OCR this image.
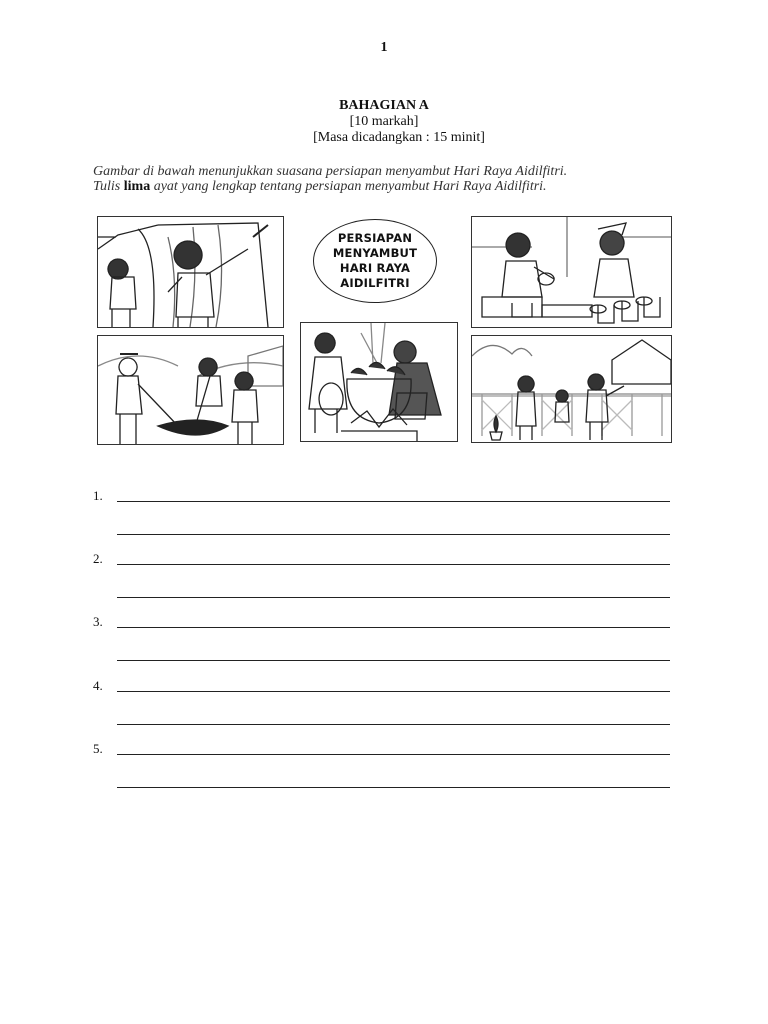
1
BAHAGIAN A
[10 markah]
[Masa dicadangkan : 15 minit]
Gambar di bawah menunjukkan suasana persiapan menyambut Hari Raya Aidilfitri.
Tulis lima ayat yang lengkap tentang persiapan menyambut Hari Raya Aidilfitri.
PERSIAPAN
MENYAMBUT
HARI RAYA
AIDILFITRI
1.
2.
3.
4.
5.
